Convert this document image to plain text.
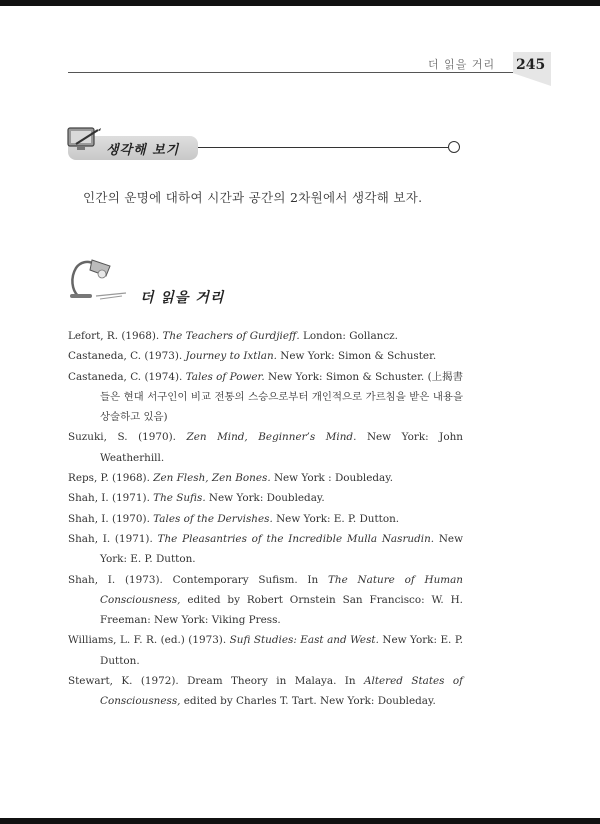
더 읽을 거리 245
생각해 보기

인간의 운명에 대하여 시간과 공간의 2차원에서 생각해 보자.

더 읽을 거리
Lefort, R. (1968). The Teachers of Gurdjieff. London: Gollancz.
Castaneda, C. (1973). Journey to Ixtlan. New York: Simon & Schuster.
Castaneda, C. (1974). Tales of Power. New York: Simon & Schuster. (上揭書들은 현대 서구인이 비교 전통의 스승으로부터 개인적으로 가르침을 받은 내용을 상술하고 있음)
Suzuki, S. (1970). Zen Mind, Beginner’s Mind. New York: John Weatherhill.
Reps, P. (1968). Zen Flesh, Zen Bones. New York : Doubleday.
Shah, I. (1971). The Sufis. New York: Doubleday.
Shah, I. (1970). Tales of the Dervishes. New York: E. P. Dutton.
Shah, I. (1971). The Pleasantries of the Incredible Mulla Nasrudin. New York: E. P. Dutton.
Shah, I. (1973). Contemporary Sufism. In The Nature of Human Consciousness, edited by Robert Ornstein San Francisco: W. H. Freeman: New York: Viking Press.
Williams, L. F. R. (ed.) (1973). Sufi Studies: East and West. New York: E. P. Dutton.
Stewart, K. (1972). Dream Theory in Malaya. In Altered States of Consciousness, edited by Charles T. Tart. New York: Doubleday.
